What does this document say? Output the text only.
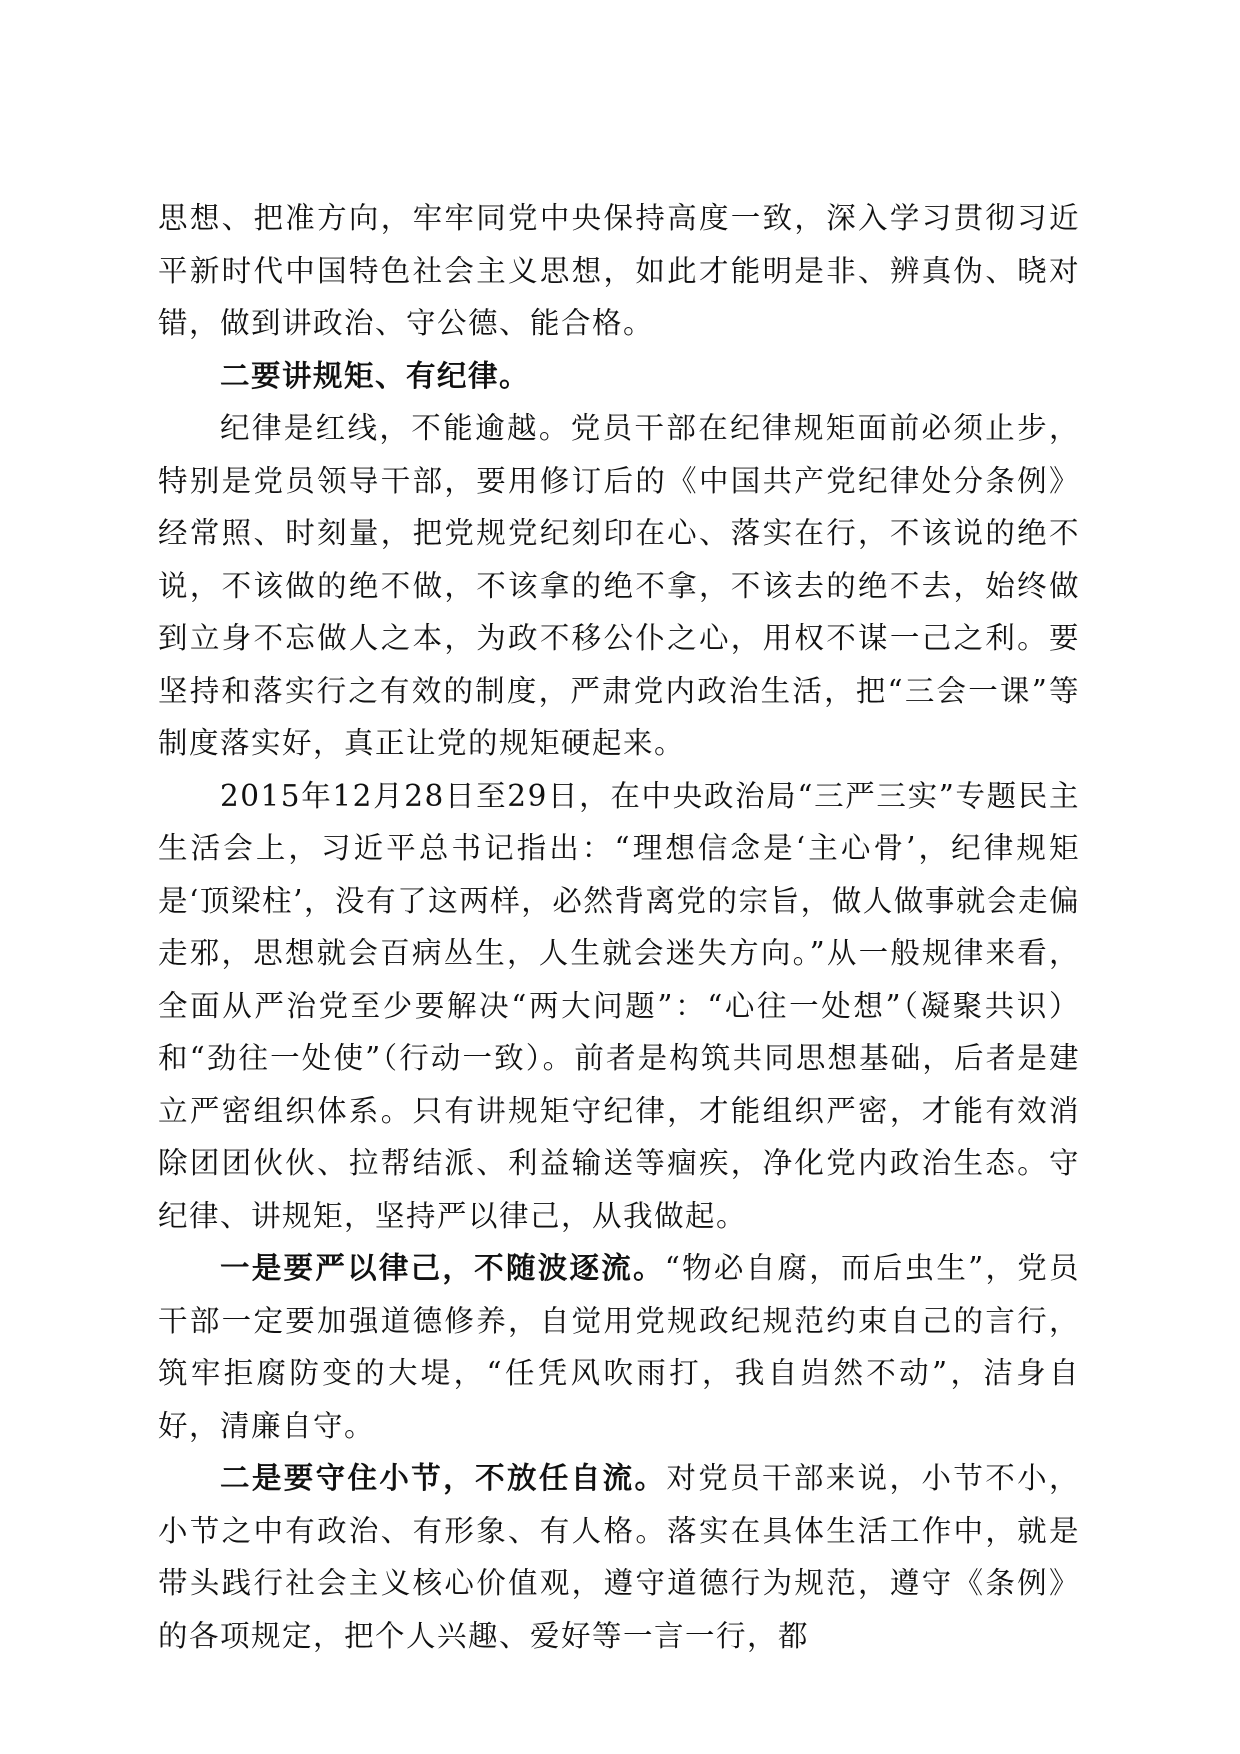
思想、把准方向，牢牢同党中央保持高度一致，深入学习贯彻习近平新时代中国特色社会主义思想，如此才能明是非、辨真伪、晓对错，做到讲政治、守公德、能合格。

二要讲规矩、有纪律。

纪律是红线，不能逾越。党员干部在纪律规矩面前必须止步，特别是党员领导干部，要用修订后的《中国共产党纪律处分条例》经常照、时刻量，把党规党纪刻印在心、落实在行，不该说的绝不说，不该做的绝不做，不该拿的绝不拿，不该去的绝不去，始终做到立身不忘做人之本，为政不移公仆之心，用权不谋一己之利。要坚持和落实行之有效的制度，严肃党内政治生活，把“三会一课”等制度落实好，真正让党的规矩硬起来。

2015年12月28日至29日，在中央政治局“三严三实”专题民主生活会上，习近平总书记指出：“理想信念是‘主心骨’，纪律规矩是‘顶梁柱’，没有了这两样，必然背离党的宗旨，做人做事就会走偏走邪，思想就会百病丛生，人生就会迷失方向。”从一般规律来看，全面从严治党至少要解决“两大问题”：“心往一处想”（凝聚共识）和“劲往一处使”（行动一致）。前者是构筑共同思想基础，后者是建立严密组织体系。只有讲规矩守纪律，才能组织严密，才能有效消除团团伙伙、拉帮结派、利益输送等痼疾，净化党内政治生态。守纪律、讲规矩，坚持严以律己，从我做起。

一是要严以律己，不随波逐流。“物必自腐，而后虫生”，党员干部一定要加强道德修养，自觉用党规政纪规范约束自己的言行，筑牢拒腐防变的大堤，“任凭风吹雨打，我自岿然不动”，洁身自好，清廉自守。

二是要守住小节，不放任自流。对党员干部来说，小节不小，小节之中有政治、有形象、有人格。落实在具体生活工作中，就是带头践行社会主义核心价值观，遵守道德行为规范，遵守《条例》的各项规定，把个人兴趣、爱好等一言一行，都
